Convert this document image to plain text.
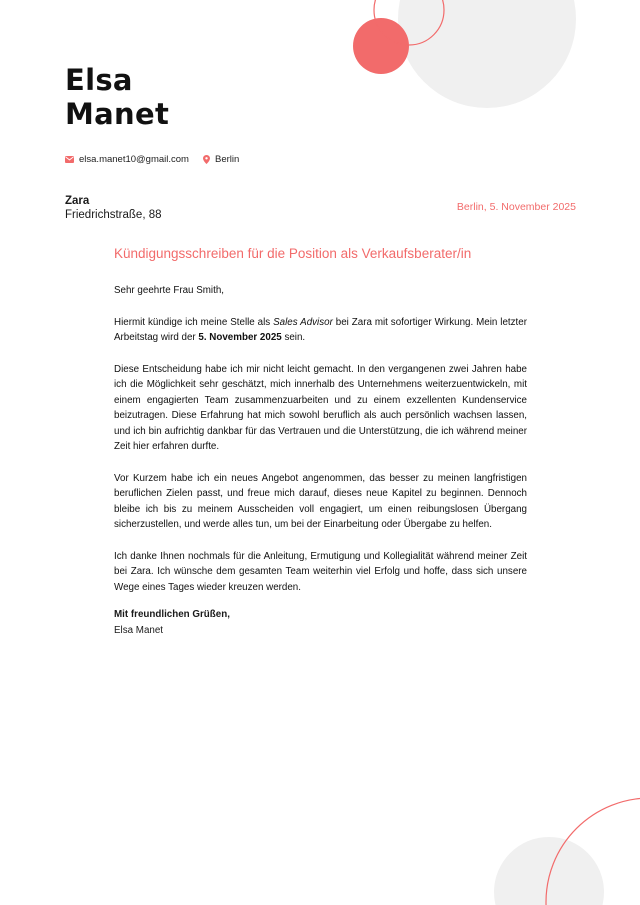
Elsa
Manet
elsa.manet10@gmail.com	Berlin
Zara
Friedrichstraße, 88
Berlin, 5. November 2025
Kündigungsschreiben für die Position als Verkaufsberater/in

Sehr geehrte Frau Smith,

Hiermit kündige ich meine Stelle als Sales Advisor bei Zara mit sofortiger Wirkung. Mein letzter Arbeitstag wird der 5. November 2025 sein.

Diese Entscheidung habe ich mir nicht leicht gemacht. In den vergangenen zwei Jahren habe ich die Möglichkeit sehr geschätzt, mich innerhalb des Unternehmens weiterzuentwickeln, mit einem engagierten Team zusammenzuarbeiten und zu einem exzellenten Kundenservice beizutragen. Diese Erfahrung hat mich sowohl beruflich als auch persönlich wachsen lassen, und ich bin aufrichtig dankbar für das Vertrauen und die Unterstützung, die ich während meiner Zeit hier erfahren durfte.

Vor Kurzem habe ich ein neues Angebot angenommen, das besser zu meinen langfristigen beruflichen Zielen passt, und freue mich darauf, dieses neue Kapitel zu beginnen. Dennoch bleibe ich bis zu meinem Ausscheiden voll engagiert, um einen reibungslosen Übergang sicherzustellen, und werde alles tun, um bei der Einarbeitung oder Übergabe zu helfen.

Ich danke Ihnen nochmals für die Anleitung, Ermutigung und Kollegialität während meiner Zeit bei Zara. Ich wünsche dem gesamten Team weiterhin viel Erfolg und hoffe, dass sich unsere Wege eines Tages wieder kreuzen werden.

Mit freundlichen Grüßen,
Elsa Manet
